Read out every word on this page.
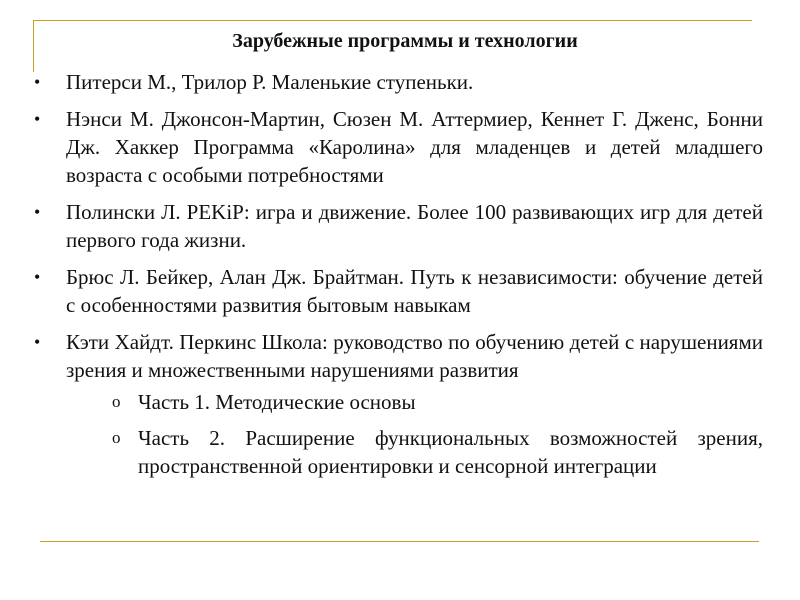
Зарубежные программы и технологии
• Питерси М., Трилор Р. Маленькие ступеньки.
• Нэнси М. Джонсон-Мартин, Сюзен М. Аттермиер, Кеннет Г. Дженс, Бонни Дж. Хаккер Программа «Каролина» для младенцев и детей младшего возраста с особыми потребностями
• Полински Л. PEKiP: игра и движение. Более 100 развивающих игр для детей первого года жизни.
• Брюс Л. Бейкер, Алан Дж. Брайтман. Путь к независимости: обучение детей с особенностями развития бытовым навыкам
• Кэти Хайдт. Перкинс Школа: руководство по обучению детей с нарушениями зрения и множественными нарушениями развития
o Часть 1. Методические основы
o Часть 2. Расширение функциональных возможностей зрения, пространственной ориентировки и сенсорной интеграции
